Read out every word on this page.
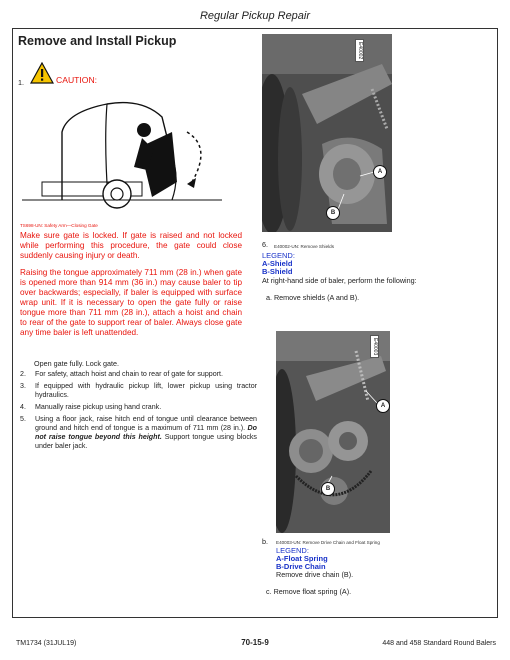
Regular Pickup Repair
Remove and Install Pickup
1.	CAUTION:
TS698-UN: Safety Arm—Closing Gate
Make sure gate is locked. If gate is raised and not locked while performing this procedure, the gate could close suddenly causing injury or death.
Raising the tongue approximately 711 mm (28 in.) when gate is opened more than 914 mm (36 in.) may cause baler to tip over backwards; especially, if baler is equipped with surface wrap unit. If it is necessary to open the gate fully or raise tongue more than 711 mm (28 in.), attach a hoist and chain to rear of the gate to support rear of baler. Always close gate any time baler is left unattended.
Open gate fully. Lock gate.
2. For safety, attach hoist and chain to rear of gate for support.
3. If equipped with hydraulic pickup lift, lower pickup using tractor hydraulics.
4. Manually raise pickup using hand crank.
5. Using a floor jack, raise hitch end of tongue until clearance between ground and hitch end of tongue is a maximum of 711 mm (28 in.). Do not raise tongue beyond this height. Support tongue using blocks under baler jack.
A
B
E40002
6. E40002-UN: Remove Shields
LEGEND:
A-Shield
B-Shield
At right-hand side of baler, perform the following:
a. Remove shields (A and B).
A
B
E40003
b. E40003-UN: Remove Drive Chain and Float Spring
LEGEND:
A-Float Spring
B-Drive Chain
Remove drive chain (B).
c. Remove float spring (A).
TM1734 (31JUL19)	70-15-9	448 and 458 Standard Round Balers
